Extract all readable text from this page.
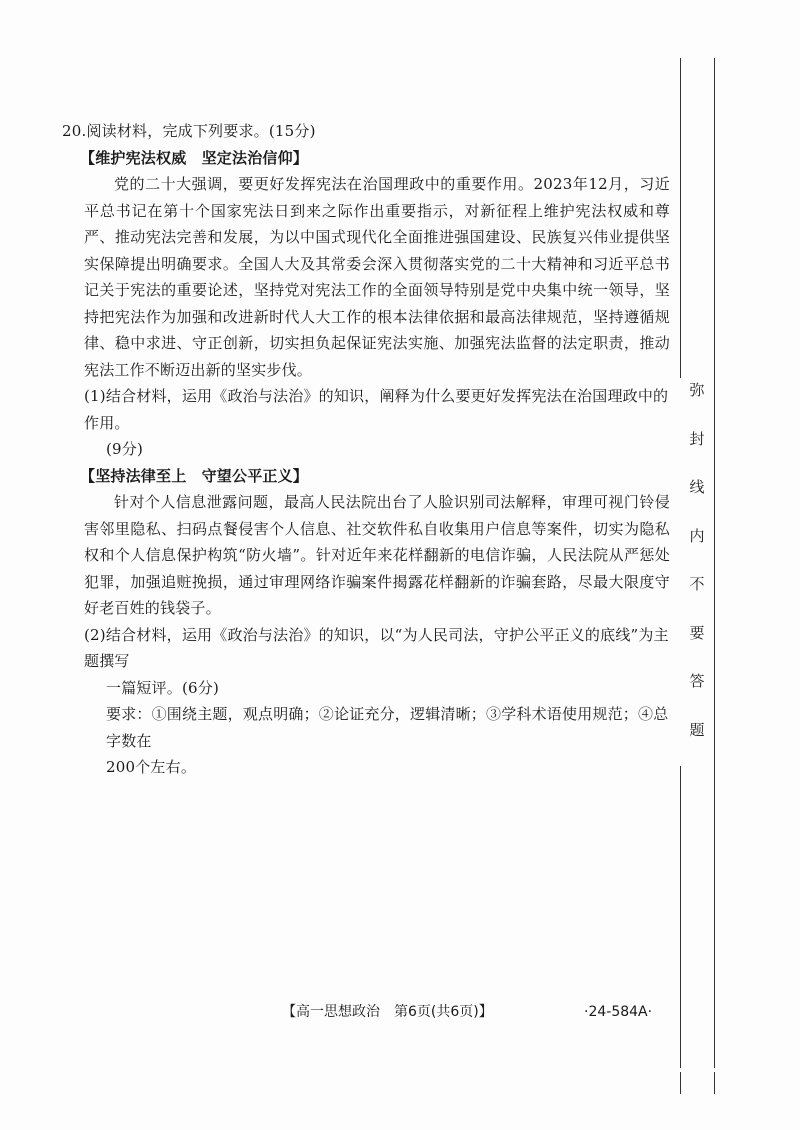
20.阅读材料，完成下列要求。(15分)

【维护宪法权威　坚定法治信仰】

党的二十大强调，要更好发挥宪法在治国理政中的重要作用。2023年12月，习近平总书记在第十个国家宪法日到来之际作出重要指示，对新征程上维护宪法权威和尊严、推动宪法完善和发展，为以中国式现代化全面推进强国建设、民族复兴伟业提供坚实保障提出明确要求。全国人大及其常委会深入贯彻落实党的二十大精神和习近平总书记关于宪法的重要论述，坚持党对宪法工作的全面领导特别是党中央集中统一领导，坚持把宪法作为加强和改进新时代人大工作的根本法律依据和最高法律规范，坚持遵循规律、稳中求进、守正创新，切实担负起保证宪法实施、加强宪法监督的法定职责，推动宪法工作不断迈出新的坚实步伐。

(1)结合材料，运用《政治与法治》的知识，阐释为什么要更好发挥宪法在治国理政中的作用。
(9分)

【坚持法律至上　守望公平正义】

针对个人信息泄露问题，最高人民法院出台了人脸识别司法解释，审理可视门铃侵害邻里隐私、扫码点餐侵害个人信息、社交软件私自收集用户信息等案件，切实为隐私权和个人信息保护构筑“防火墙”。针对近年来花样翻新的电信诈骗，人民法院从严惩处犯罪，加强追赃挽损，通过审理网络诈骗案件揭露花样翻新的诈骗套路，尽最大限度守好老百姓的钱袋子。

(2)结合材料，运用《政治与法治》的知识，以“为人民司法，守护公平正义的底线”为主题撰写
一篇短评。(6分)

要求：①围绕主题，观点明确；②论证充分，逻辑清晰；③学科术语使用规范；④总字数在
200个左右。

弥
封
线
内
不
要
答
题
【高一思想政治　第6页(共6页)】	·24-584A·
